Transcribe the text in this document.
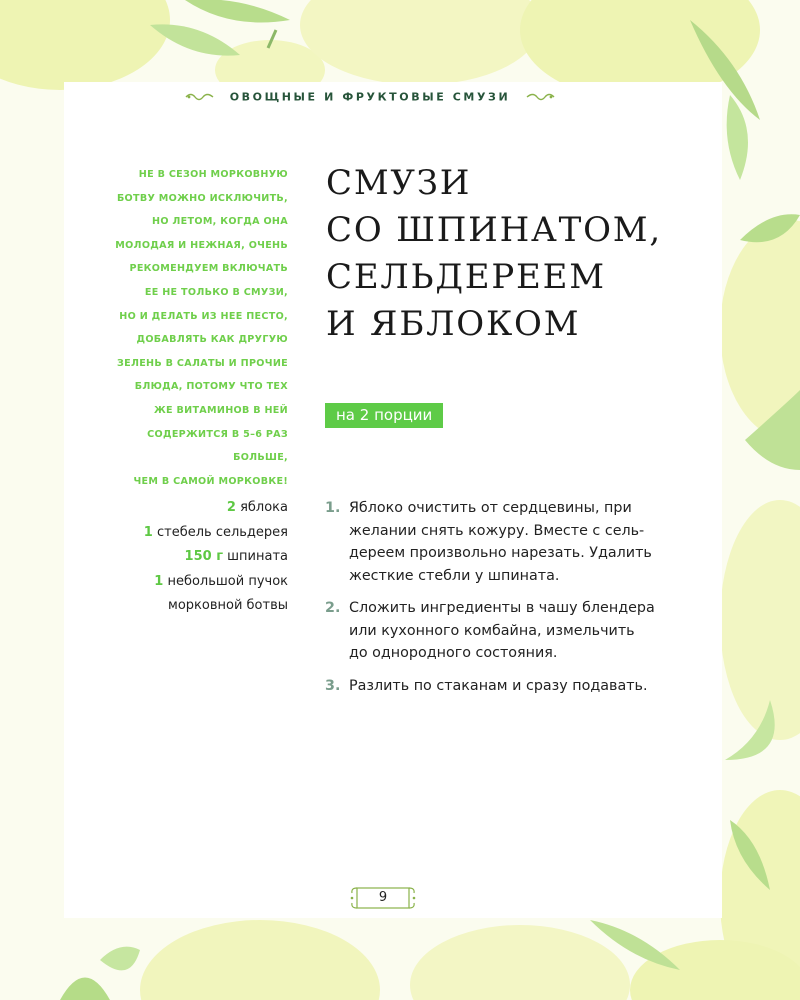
ОВОЩНЫЕ И ФРУКТОВЫЕ СМУЗИ
НЕ В СЕЗОН МОРКОВНУЮ
БОТВУ МОЖНО ИСКЛЮЧИТЬ,
НО ЛЕТОМ, КОГДА ОНА
МОЛОДАЯ И НЕЖНАЯ, ОЧЕНЬ
РЕКОМЕНДУЕМ ВКЛЮЧАТЬ
ЕЕ НЕ ТОЛЬКО В СМУЗИ,
НО И ДЕЛАТЬ ИЗ НЕЕ ПЕСТО,
ДОБАВЛЯТЬ КАК ДРУГУЮ
ЗЕЛЕНЬ В САЛАТЫ И ПРОЧИЕ
БЛЮДА, ПОТОМУ ЧТО ТЕХ
ЖЕ ВИТАМИНОВ В НЕЙ
СОДЕРЖИТСЯ В 5–6 РАЗ БОЛЬШЕ,
ЧЕМ В САМОЙ МОРКОВКЕ!
СМУЗИ
СО ШПИНАТОМ,
СЕЛЬДЕРЕЕМ
И ЯБЛОКОМ
на 2 порции
2 яблока
1 стебель сельдерея
150 г шпината
1 небольшой пучок
морковной ботвы
1. Яблоко очистить от сердцевины, при
желании снять кожуру. Вместе с сель-
дереем произвольно нарезать. Удалить
жесткие стебли у шпината.
2. Сложить ингредиенты в чашу блендера
или кухонного комбайна, измельчить
до однородного состояния.
3. Разлить по стаканам и сразу подавать.
9
